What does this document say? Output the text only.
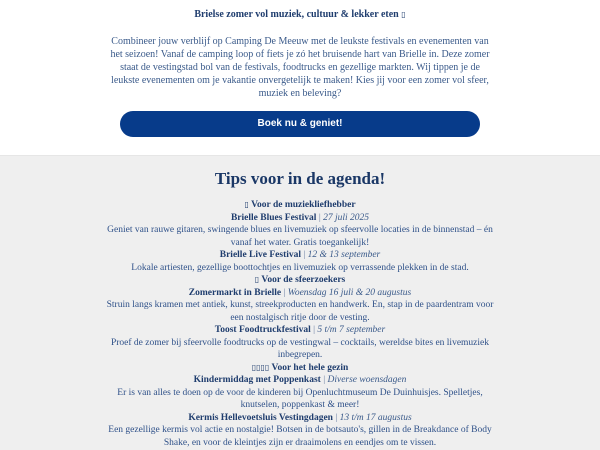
Brielse zomer vol muziek, cultuur & lekker eten ▯

Combineer jouw verblijf op Camping De Meeuw met de leukste festivals en evenementen van het seizoen! Vanaf de camping loop of fiets je zó het bruisende hart van Brielle in. Deze zomer staat de vestingstad bol van de festivals, foodtrucks en gezellige markten. Wij tippen je de leukste evenementen om je vakantie onvergetelijk te maken! Kies jij voor een zomer vol sfeer, muziek en beleving?

Boek nu & geniet!
Tips voor in de agenda!

▯ Voor de muziekliefhebber

Brielle Blues Festival | 27 juli 2025

Geniet van rauwe gitaren, swingende blues en livemuziek op sfeervolle locaties in de binnenstad – én vanaf het water. Gratis toegankelijk!

Brielle Live Festival | 12 & 13 september

Lokale artiesten, gezellige boottochtjes en livemuziek op verrassende plekken in de stad.

▯ Voor de sfeerzoekers

Zomermarkt in Brielle | Woensdag 16 juli & 20 augustus

Struin langs kramen met antiek, kunst, streekproducten en handwerk. En, stap in de paardentram voor een nostalgisch ritje door de vesting.

Toost Foodtruckfestival | 5 t/m 7 september

Proef de zomer bij sfeervolle foodtrucks op de vestingwal – cocktails, wereldse bites en livemuziek inbegrepen.

▯▯▯▯ Voor het hele gezin

Kindermiddag met Poppenkast | Diverse woensdagen

Er is van alles te doen op de voor de kinderen bij Openluchtmuseum De Duinhuisjes. Spelletjes, knutselen, poppenkast & meer!

Kermis Hellevoetsluis Vestingdagen | 13 t/m 17 augustus

Een gezellige kermis vol actie en nostalgie! Botsen in de botsauto's, gillen in de Breakdance of Body Shake, en voor de kleintjes zijn er draaimolens en eendjes om te vissen.
